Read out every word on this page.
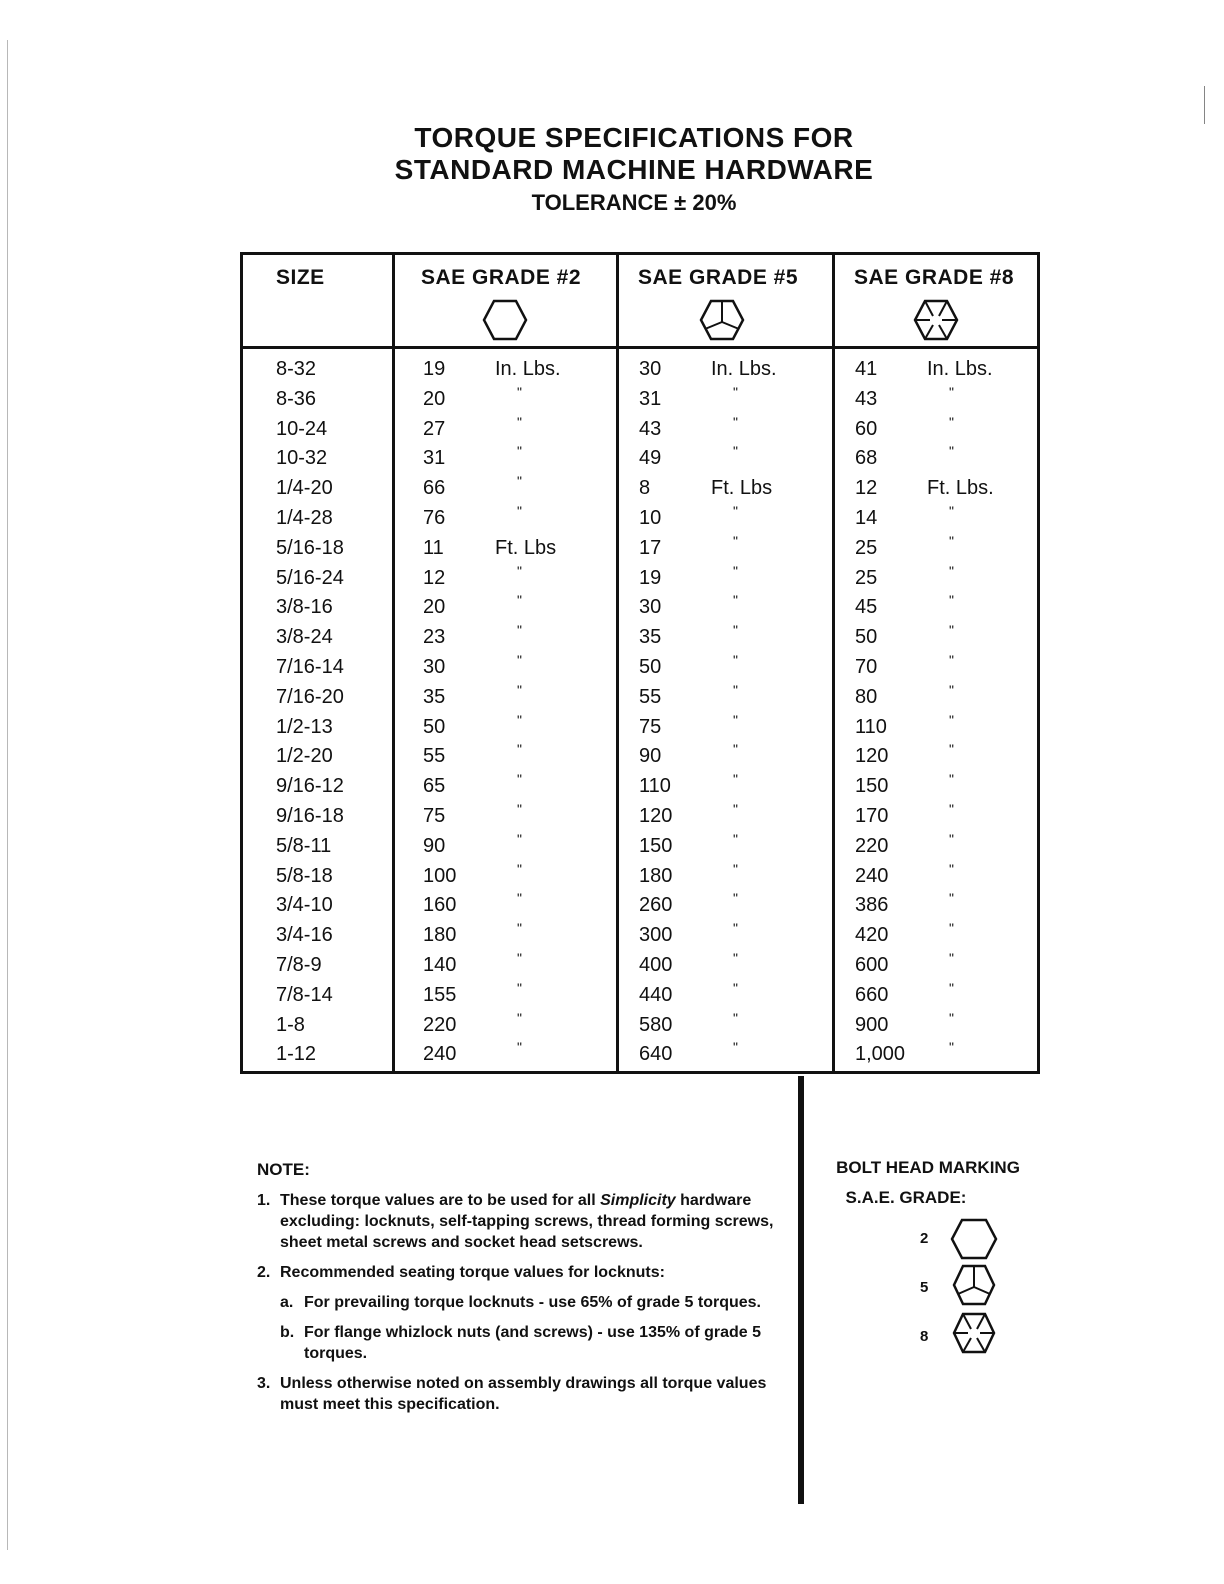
TORQUE SPECIFICATIONS FOR
STANDARD MACHINE HARDWARE
TOLERANCE ± 20%
SIZE	SAE GRADE #2	SAE GRADE #5	SAE GRADE #8
8-32	19 In. Lbs.	30 In. Lbs.	41 In. Lbs.
8-36	20	"	31	"	43	"
10-24	27	"	43	"	60	"
10-32	31	"	49	"	68	"
1/4-20	66	"	8	Ft. Lbs	12 Ft. Lbs.
1/4-28	76	"	10	"	14	"
5/16-18	11	Ft. Lbs	17	"	25	"
5/16-24	12	"	19	"	25	"
3/8-16	20	"	30	"	45	"
3/8-24	23	"	35	"	50	"
7/16-14	30	"	50	"	70	"
7/16-20	35	"	55	"	80	"
1/2-13	50	"	75	"	110	"
1/2-20	55	"	90	"	120	"
9/16-12	65	"	110	"	150	"
9/16-18	75	"	120	"	170	"
5/8-11	90	"	150	"	220	"
5/8-18	100	"	180	"	240	"
3/4-10	160	"	260	"	386	"
3/4-16	180	"	300	"	420	"
7/8-9	140	"	400	"	600	"
7/8-14	155	"	440	"	660	"
1-8	220	"	580	"	900	"
1-12	240	"	640	"	1,000	"
NOTE:
1. These torque values are to be used for all Simplicity hardware excluding: locknuts, self-tapping screws, thread forming screws, sheet metal screws and socket head setscrews.
2. Recommended seating torque values for locknuts:
a. For prevailing torque locknuts - use 65% of grade 5 torques.
b. For flange whizlock nuts (and screws) - use 135% of grade 5 torques.
3. Unless otherwise noted on assembly drawings all torque values must meet this specification.
BOLT HEAD MARKING
S.A.E. GRADE:
2
5
8
